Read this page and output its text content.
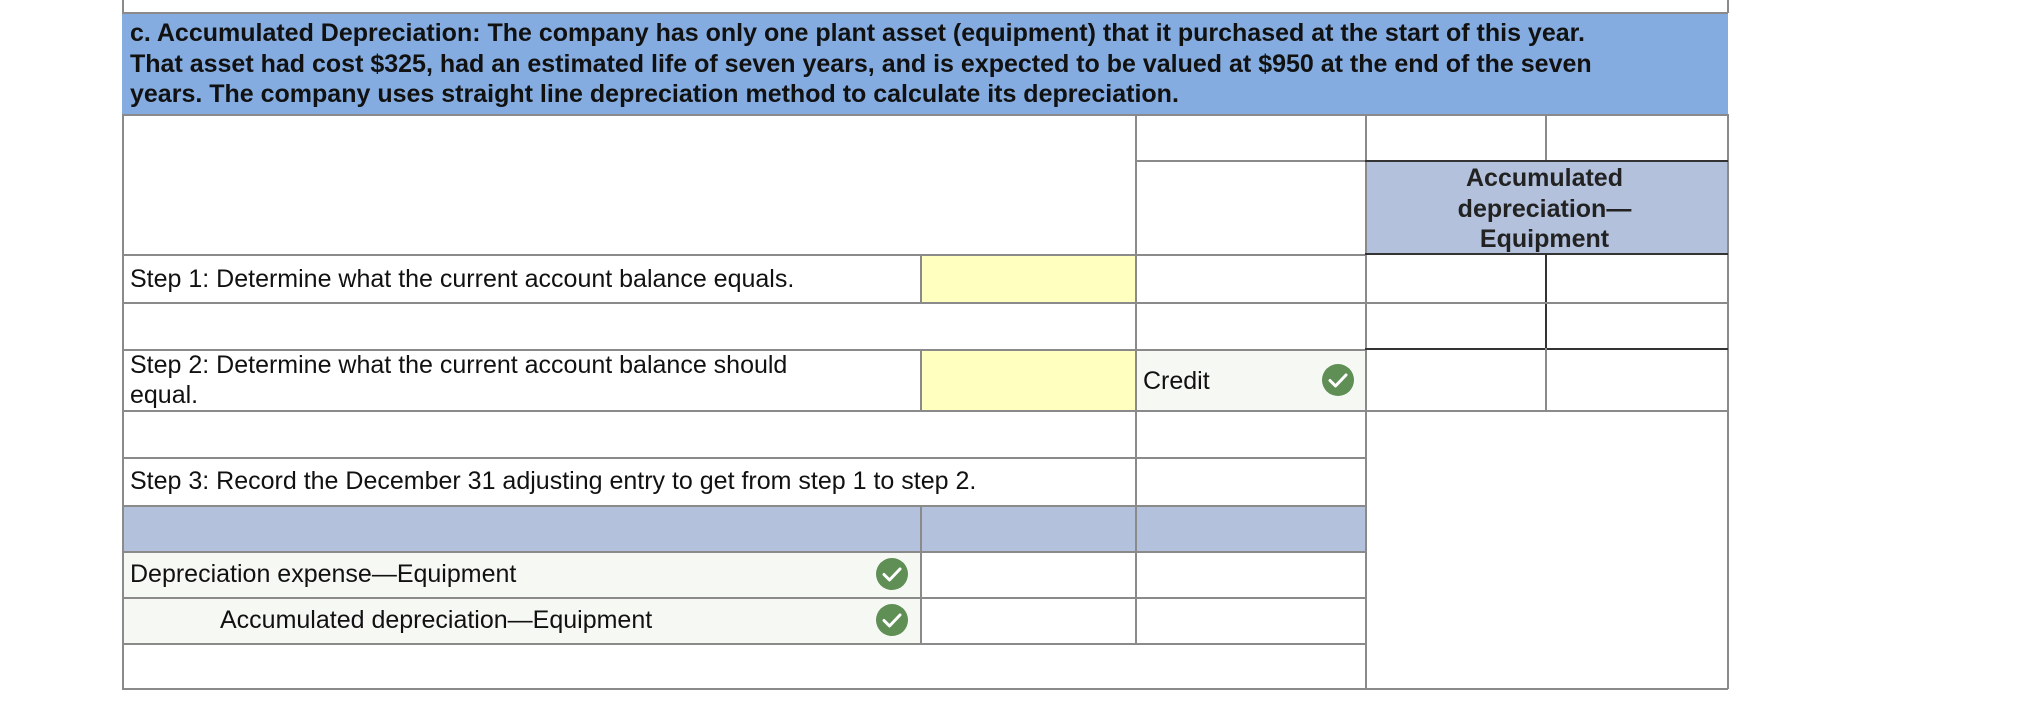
c. Accumulated Depreciation: The company has only one plant asset (equipment) that it purchased at the start of this year.
That asset had cost $325, had an estimated life of seven years, and is expected to be valued at $950 at the end of the seven
years. The company uses straight line depreciation method to calculate its depreciation.
Accumulated
depreciation—
Equipment
Step 1: Determine what the current account balance equals.
Step 2: Determine what the current account balance should
equal.	Credit
Step 3: Record the December 31 adjusting entry to get from step 1 to step 2.
Depreciation expense—Equipment
Accumulated depreciation—Equipment
